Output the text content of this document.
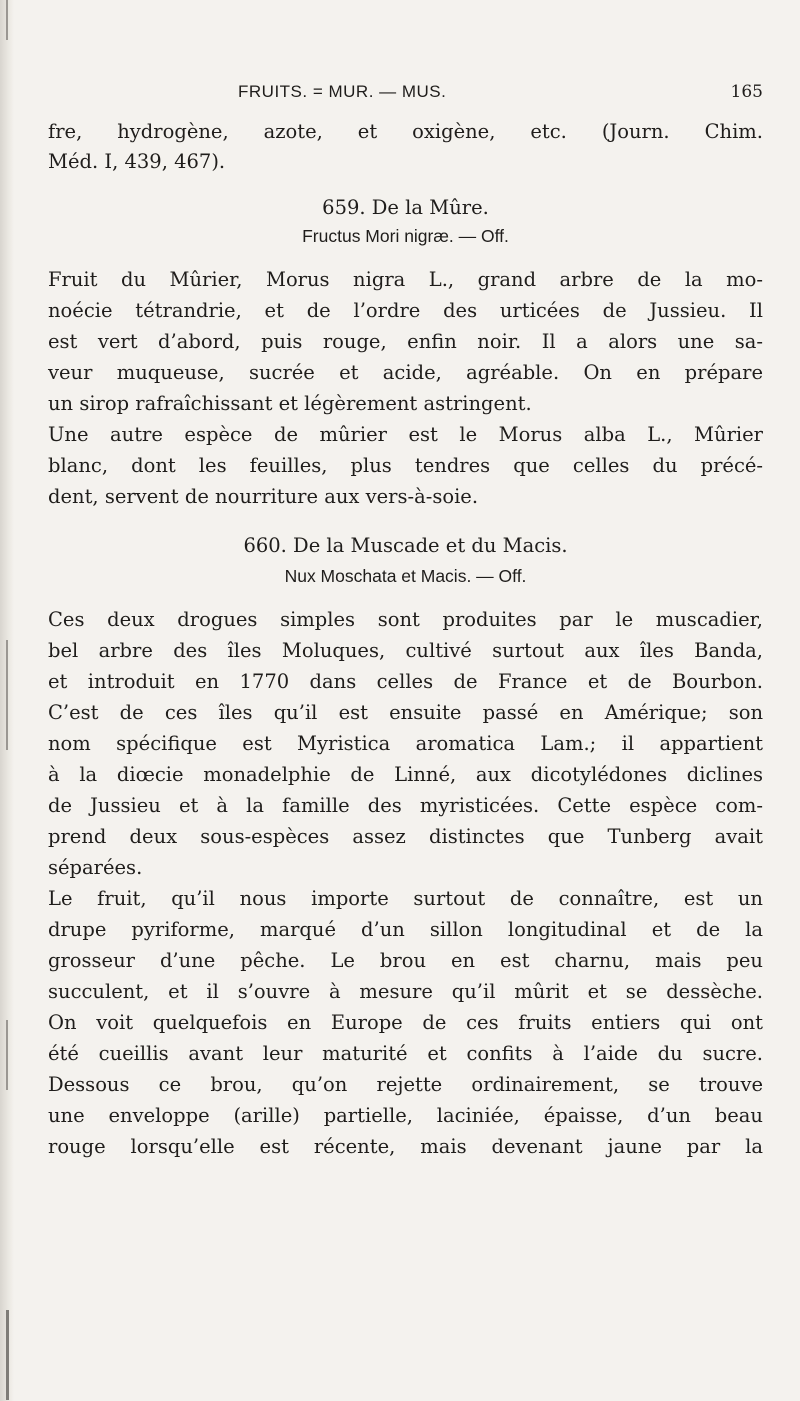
FRUITS. = MUR. — MUS.	165
fre, hydrogène, azote, et oxigène, etc. (Journ. Chim.
Méd. I, 439, 467).
659. De la Mûre.
Fructus Mori nigræ. — Off.
Fruit du Mûrier, Morus nigra L., grand arbre de la mo-
noécie tétrandrie, et de l’ordre des urticées de Jussieu. Il
est vert d’abord, puis rouge, enfin noir. Il a alors une sa-
veur muqueuse, sucrée et acide, agréable. On en prépare
un sirop rafraîchissant et légèrement astringent.
Une autre espèce de mûrier est le Morus alba L., Mûrier
blanc, dont les feuilles, plus tendres que celles du précé-
dent, servent de nourriture aux vers-à-soie.
660. De la Muscade et du Macis.
Nux Moschata et Macis. — Off.
Ces deux drogues simples sont produites par le muscadier,
bel arbre des îles Moluques, cultivé surtout aux îles Banda,
et introduit en 1770 dans celles de France et de Bourbon.
C’est de ces îles qu’il est ensuite passé en Amérique; son
nom spécifique est Myristica aromatica Lam.; il appartient
à la diœcie monadelphie de Linné, aux dicotylédones diclines
de Jussieu et à la famille des myristicées. Cette espèce com-
prend deux sous-espèces assez distinctes que Tunberg avait
séparées.
Le fruit, qu’il nous importe surtout de connaître, est un
drupe pyriforme, marqué d’un sillon longitudinal et de la
grosseur d’une pêche. Le brou en est charnu, mais peu
succulent, et il s’ouvre à mesure qu’il mûrit et se dessèche.
On voit quelquefois en Europe de ces fruits entiers qui ont
été cueillis avant leur maturité et confits à l’aide du sucre.
Dessous ce brou, qu’on rejette ordinairement, se trouve
une enveloppe (arille) partielle, laciniée, épaisse, d’un beau
rouge lorsqu’elle est récente, mais devenant jaune par la
